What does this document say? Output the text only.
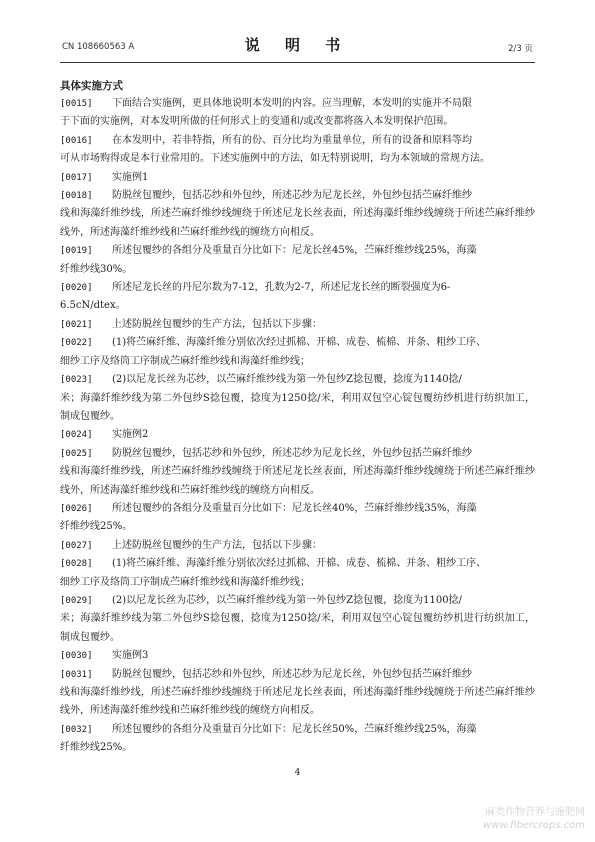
CN 108660563 A	说 明 书	2/3 页
具体实施方式
[0015]	下面结合实施例，更具体地说明本发明的内容。应当理解，本发明的实施并不局限
于下面的实施例，对本发明所做的任何形式上的变通和/或改变都将落入本发明保护范围。
[0016]	在本发明中，若非特指，所有的份、百分比均为重量单位，所有的设备和原料等均
可从市场购得或是本行业常用的。下述实施例中的方法，如无特别说明，均为本领域的常规方法。
[0017]	实施例1
[0018]	防脱丝包覆纱，包括芯纱和外包纱，所述芯纱为尼龙长丝，外包纱包括苎麻纤维纱
线和海藻纤维纱线，所述苎麻纤维纱线缠绕于所述尼龙长丝表面，所述海藻纤维纱线缠绕于所述苎麻纤维纱线外，所述海藻纤维纱线和苎麻纤维纱线的缠绕方向相反。
[0019]	所述包覆纱的各组分及重量百分比如下：尼龙长丝45%，苎麻纤维纱线25%，海藻
纤维纱线30%。
[0020]	所述尼龙长丝的丹尼尔数为7-12，孔数为2-7，所述尼龙长丝的断裂强度为6-
6.5cN/dtex。
[0021]	上述防脱丝包覆纱的生产方法，包括以下步骤：
[0022]	(1)将苎麻纤维、海藻纤维分别依次经过抓棉、开棉、成卷、梳棉、并条、粗纱工序、
细纱工序及络筒工序制成苎麻纤维纱线和海藻纤维纱线；
[0023]	(2)以尼龙长丝为芯纱，以苎麻纤维纱线为第一外包纱Z捻包覆，捻度为1140捻/
米；海藻纤维纱线为第二外包纱S捻包覆，捻度为1250捻/米，利用双包空心锭包覆纺纱机进行纺织加工，制成包覆纱。
[0024]	实施例2
[0025]	防脱丝包覆纱，包括芯纱和外包纱，所述芯纱为尼龙长丝，外包纱包括苎麻纤维纱
线和海藻纤维纱线，所述苎麻纤维纱线缠绕于所述尼龙长丝表面，所述海藻纤维纱线缠绕于所述苎麻纤维纱线外，所述海藻纤维纱线和苎麻纤维纱线的缠绕方向相反。
[0026]	所述包覆纱的各组分及重量百分比如下：尼龙长丝40%，苎麻纤维纱线35%，海藻
纤维纱线25%。
[0027]	上述防脱丝包覆纱的生产方法，包括以下步骤：
[0028]	(1)将苎麻纤维、海藻纤维分别依次经过抓棉、开棉、成卷、梳棉、并条、粗纱工序、
细纱工序及络筒工序制成苎麻纤维纱线和海藻纤维纱线；
[0029]	(2)以尼龙长丝为芯纱，以苎麻纤维纱线为第一外包纱Z捻包覆，捻度为1100捻/
米；海藻纤维纱线为第二外包纱S捻包覆，捻度为1250捻/米，利用双包空心锭包覆纺纱机进行纺织加工，制成包覆纱。
[0030]	实施例3
[0031]	防脱丝包覆纱，包括芯纱和外包纱，所述芯纱为尼龙长丝，外包纱包括苎麻纤维纱
线和海藻纤维纱线，所述苎麻纤维纱线缠绕于所述尼龙长丝表面，所述海藻纤维纱线缠绕于所述苎麻纤维纱线外，所述海藻纤维纱线和苎麻纤维纱线的缠绕方向相反。
[0032]	所述包覆纱的各组分及重量百分比如下：尼龙长丝50%，苎麻纤维纱线25%，海藻
纤维纱线25%。
4
麻类作物营养与施肥网
www.fibercrops.com
